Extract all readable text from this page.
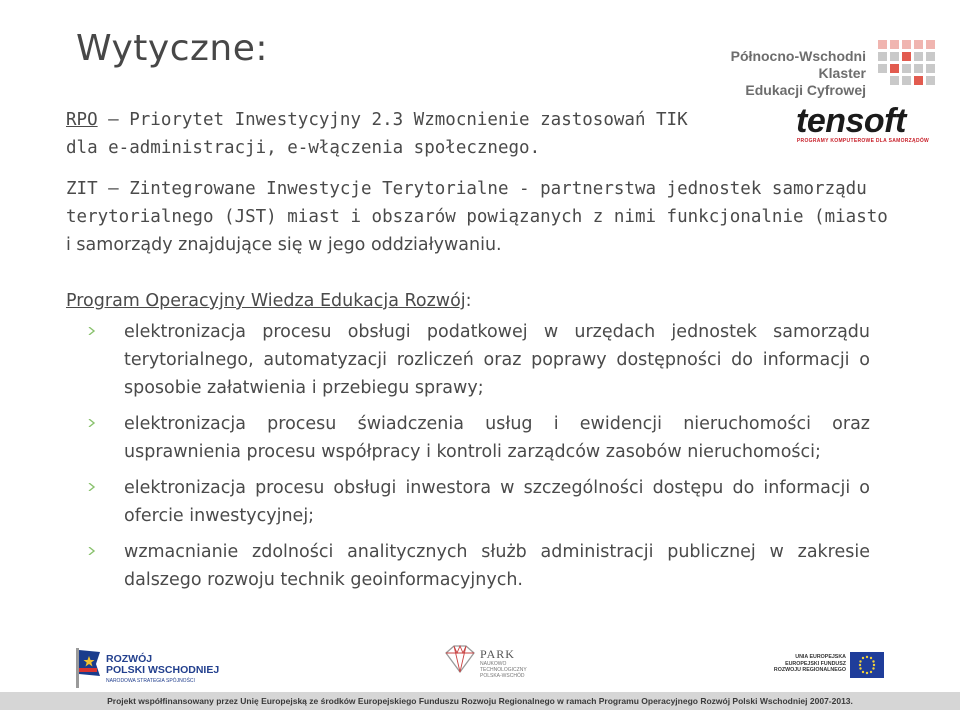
Wytyczne:	Północno-Wschodni Klaster
Edukacji Cyfrowej
tensoft
PROGRAMY KOMPUTEROWE DLA SAMORZĄDÓW
RPO – Priorytet Inwestycyjny 2.3 Wzmocnienie zastosowań TIK
dla e-administracji, e-włączenia społecznego.
ZIT – Zintegrowane Inwestycje Terytorialne - partnerstwa jednostek samorządu
terytorialnego (JST) miast i obszarów powiązanych z nimi funkcjonalnie (miasto
i samorządy znajdujące się w jego oddziaływaniu.
Program Operacyjny Wiedza Edukacja Rozwój:
elektronizacja procesu obsługi podatkowej w urzędach jednostek samorządu terytorialnego, automatyzacji rozliczeń oraz poprawy dostępności do informacji o sposobie załatwienia i przebiegu sprawy;
elektronizacja procesu świadczenia usług i ewidencji nieruchomości oraz usprawnienia procesu współpracy i kontroli zarządców zasobów nieruchomości;
elektronizacja procesu obsługi inwestora w szczególności dostępu do informacji o ofercie inwestycyjnej;
wzmacnianie zdolności analitycznych służb administracji publicznej w zakresie dalszego rozwoju technik geoinformacyjnych.
ROZWÓJ
POLSKI WSCHODNIEJ
NARODOWA STRATEGIA SPÓJNOŚCI
PARK
NAUKOWO
TECHNOLOGICZNY
POLSKA-WSCHÓD
UNIA EUROPEJSKA
EUROPEJSKI FUNDUSZ
ROZWOJU REGIONALNEGO
Projekt współfinansowany przez Unię Europejską ze środków Europejskiego Funduszu Rozwoju Regionalnego w ramach Programu Operacyjnego Rozwój Polski Wschodniej 2007-2013.
